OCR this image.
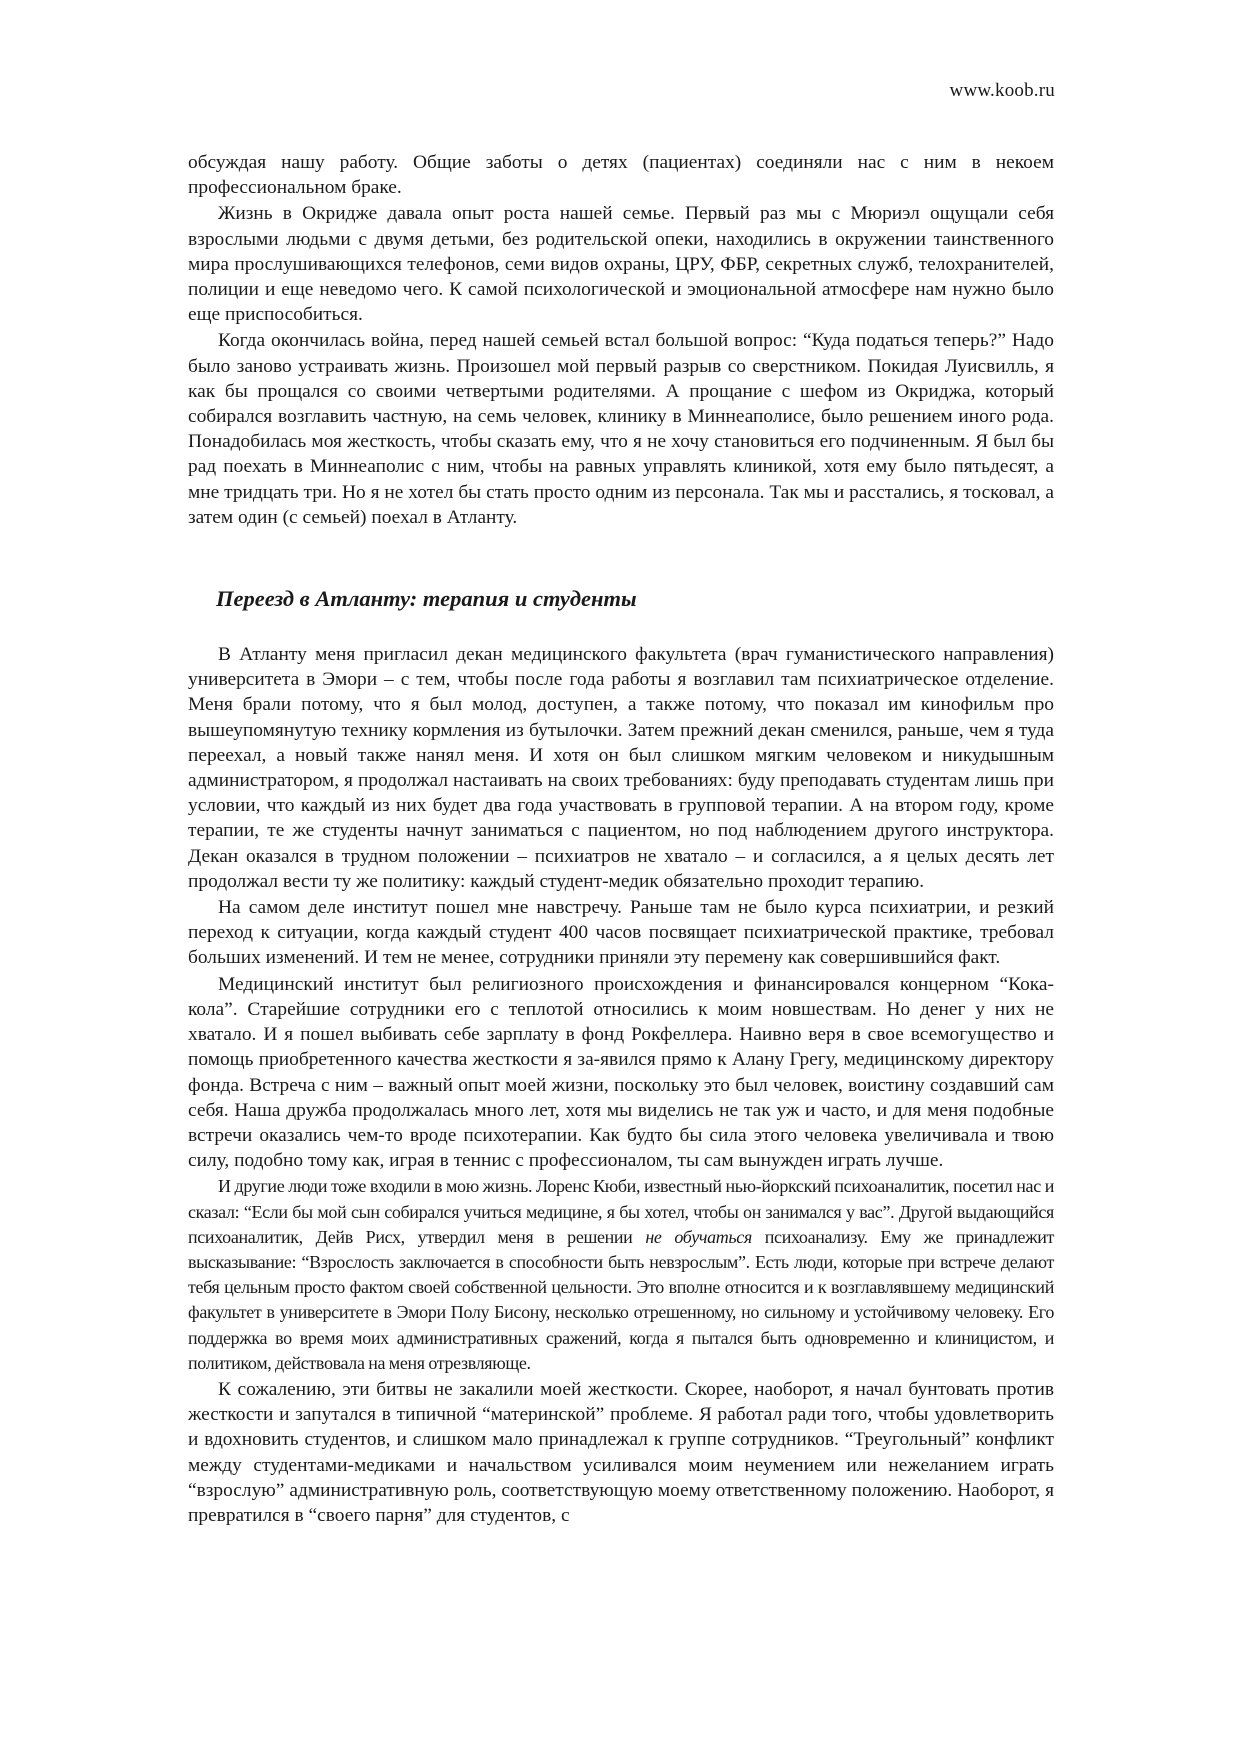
www.koob.ru

обсуждая нашу работу. Общие заботы о детях (пациентах) соединяли нас с ним в некоем профессиональном браке.

Жизнь в Окридже давала опыт роста нашей семье. Первый раз мы с Мюриэл ощущали себя взрослыми людьми с двумя детьми, без родительской опеки, находились в окружении таинственного мира прослушивающихся телефонов, семи видов охраны, ЦРУ, ФБР, секретных служб, телохранителей, полиции и еще неведомо чего. К самой психологической и эмоциональной атмосфере нам нужно было еще приспособиться.

Когда окончилась война, перед нашей семьей встал большой вопрос: “Куда податься теперь?” Надо было заново устраивать жизнь. Произошел мой первый разрыв со сверстником. Покидая Луисвилль, я как бы прощался со своими четвертыми родителями. А прощание с шефом из Окриджа, который собирался возглавить частную, на семь человек, клинику в Миннеаполисе, было решением иного рода. Понадобилась моя жесткость, чтобы сказать ему, что я не хочу становиться его подчиненным. Я был бы рад поехать в Миннеаполис с ним, чтобы на равных управлять клиникой, хотя ему было пятьдесят, а мне тридцать три. Но я не хотел бы стать просто одним из персонала. Так мы и расстались, я тосковал, а затем один (с семьей) поехал в Атланту.

Переезд в Атланту: терапия и студенты

В Атланту меня пригласил декан медицинского факультета (врач гуманистического направления) университета в Эмори – с тем, чтобы после года работы я возглавил там психиатрическое отделение. Меня брали потому, что я был молод, доступен, а также потому, что показал им кинофильм про вышеупомянутую технику кормления из бутылочки. Затем прежний декан сменился, раньше, чем я туда переехал, а новый также нанял меня. И хотя он был слишком мягким человеком и никудышным администратором, я продолжал настаивать на своих требованиях: буду преподавать студентам лишь при условии, что каждый из них будет два года участвовать в групповой терапии. А на втором году, кроме терапии, те же студенты начнут заниматься с пациентом, но под наблюдением другого инструктора. Декан оказался в трудном положении – психиатров не хватало – и согласился, а я целых десять лет продолжал вести ту же политику: каждый студент-медик обязательно проходит терапию.

На самом деле институт пошел мне навстречу. Раньше там не было курса психиатрии, и резкий переход к ситуации, когда каждый студент 400 часов посвящает психиатрической практике, требовал больших изменений. И тем не менее, сотрудники приняли эту перемену как совершившийся факт.

Медицинский институт был религиозного происхождения и финансировался концерном “Кока-кола”. Старейшие сотрудники его с теплотой относились к моим новшествам. Но денег у них не хватало. И я пошел выбивать себе зарплату в фонд Рокфеллера. Наивно веря в свое всемогущество и помощь приобретенного качества жесткости я за-явился прямо к Алану Грегу, медицинскому директору фонда. Встреча с ним – важный опыт моей жизни, поскольку это был человек, воистину создавший сам себя. Наша дружба продолжалась много лет, хотя мы виделись не так уж и часто, и для меня подобные встречи оказались чем-то вроде психотерапии. Как будто бы сила этого человека увеличивала и твою силу, подобно тому как, играя в теннис с профессионалом, ты сам вынужден играть лучше.

И другие люди тоже входили в мою жизнь. Лоренс Кюби, известный нью-йоркский психоаналитик, посетил нас и сказал: “Если бы мой сын собирался учиться медицине, я бы хотел, чтобы он занимался у вас”. Другой выдающийся психоаналитик, Дейв Рисх, утвердил меня в решении не обучаться психоанализу. Ему же принадлежит высказывание: “Взрослость заключается в способности быть невзрослым”. Есть люди, которые при встрече делают тебя цельным просто фактом своей собственной цельности. Это вполне относится и к возглавлявшему медицинский факультет в университете в Эмори Полу Бисону, несколько отрешенному, но сильному и устойчивому человеку. Его поддержка во время моих административных сражений, когда я пытался быть одновременно и клиницистом, и политиком, действовала на меня отрезвляюще.

К сожалению, эти битвы не закалили моей жесткости. Скорее, наоборот, я начал бунтовать против жесткости и запутался в типичной “материнской” проблеме. Я работал ради того, чтобы удовлетворить и вдохновить студентов, и слишком мало принадлежал к группе сотрудников. “Треугольный” конфликт между студентами-медиками и начальством усиливался моим неумением или нежеланием играть “взрослую” административную роль, соответствующую моему ответственному положению. Наоборот, я превратился в “своего парня” для студентов, с
